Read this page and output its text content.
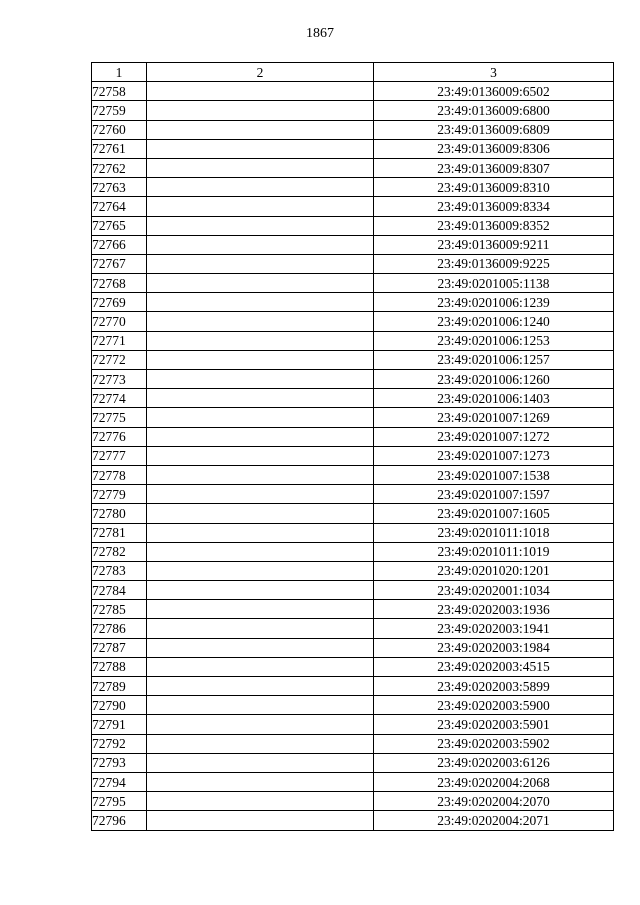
1867
1	2	3
72758		23:49:0136009:6502
72759		23:49:0136009:6800
72760		23:49:0136009:6809
72761		23:49:0136009:8306
72762		23:49:0136009:8307
72763		23:49:0136009:8310
72764		23:49:0136009:8334
72765		23:49:0136009:8352
72766		23:49:0136009:9211
72767		23:49:0136009:9225
72768		23:49:0201005:1138
72769		23:49:0201006:1239
72770		23:49:0201006:1240
72771		23:49:0201006:1253
72772		23:49:0201006:1257
72773		23:49:0201006:1260
72774		23:49:0201006:1403
72775		23:49:0201007:1269
72776		23:49:0201007:1272
72777		23:49:0201007:1273
72778		23:49:0201007:1538
72779		23:49:0201007:1597
72780		23:49:0201007:1605
72781		23:49:0201011:1018
72782		23:49:0201011:1019
72783		23:49:0201020:1201
72784		23:49:0202001:1034
72785		23:49:0202003:1936
72786		23:49:0202003:1941
72787		23:49:0202003:1984
72788		23:49:0202003:4515
72789		23:49:0202003:5899
72790		23:49:0202003:5900
72791		23:49:0202003:5901
72792		23:49:0202003:5902
72793		23:49:0202003:6126
72794		23:49:0202004:2068
72795		23:49:0202004:2070
72796		23:49:0202004:2071
